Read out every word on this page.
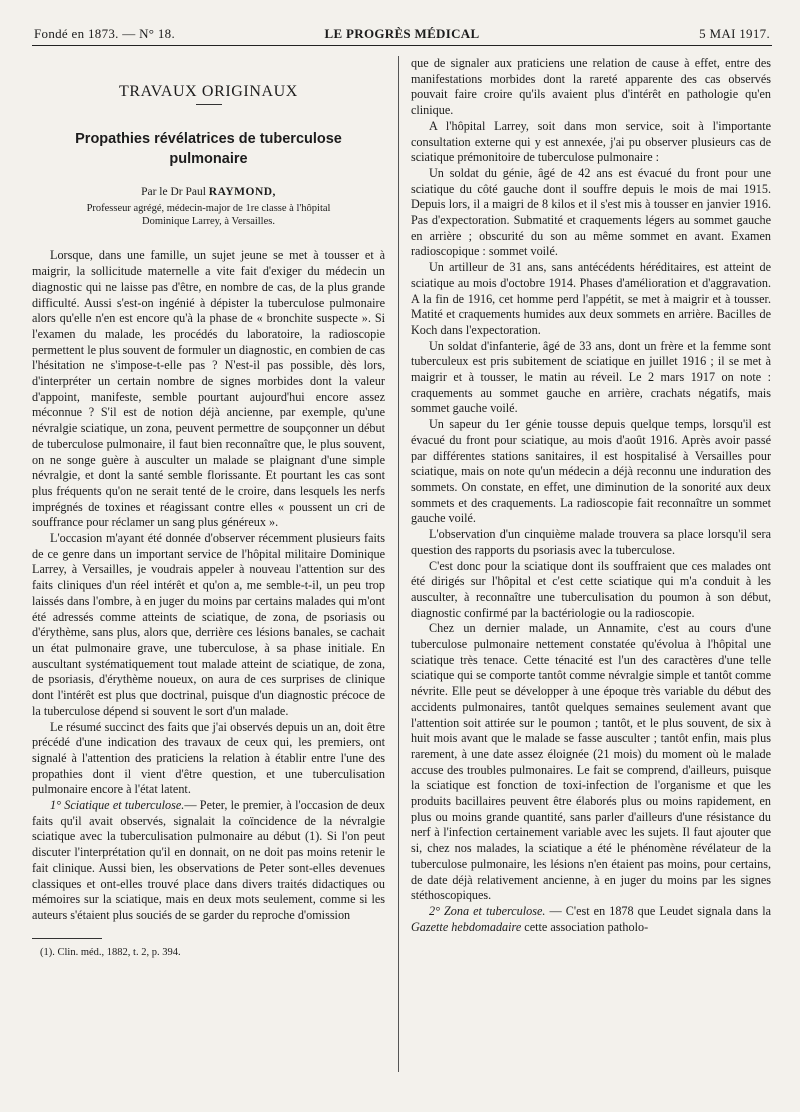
Fondé en 1873. — N° 18.	LE PROGRÈS MÉDICAL	5 MAI 1917.
TRAVAUX ORIGINAUX
Propathies révélatrices de tuberculose pulmonaire
Par le Dr Paul RAYMOND,
Professeur agrégé, médecin-major de 1re classe à l'hôpital Dominique Larrey, à Versailles.

Lorsque, dans une famille, un sujet jeune se met à tousser et à maigrir, la sollicitude maternelle a vite fait d'exiger du médecin un diagnostic qui ne laisse pas d'être, en nombre de cas, de la plus grande difficulté. Aussi s'est-on ingénié à dépister la tuberculose pulmonaire alors qu'elle n'en est encore qu'à la phase de « bronchite suspecte ». Si l'examen du malade, les procédés du laboratoire, la radioscopie permettent le plus souvent de formuler un diagnostic, en combien de cas l'hésitation ne s'impose-t-elle pas ? N'est-il pas possible, dès lors, d'interpréter un certain nombre de signes morbides dont la valeur d'appoint, manifeste, semble pourtant aujourd'hui encore assez méconnue ? S'il est de notion déjà ancienne, par exemple, qu'une névralgie sciatique, un zona, peuvent permettre de soupçonner un début de tuberculose pulmonaire, il faut bien reconnaître que, le plus souvent, on ne songe guère à ausculter un malade se plaignant d'une simple névralgie, et dont la santé semble florissante. Et pourtant les cas sont plus fréquents qu'on ne serait tenté de le croire, dans lesquels les nerfs imprégnés de toxines et réagissant contre elles « poussent un cri de souffrance pour réclamer un sang plus généreux ».

L'occasion m'ayant été donnée d'observer récemment plusieurs faits de ce genre dans un important service de l'hôpital militaire Dominique Larrey, à Versailles, je voudrais appeler à nouveau l'attention sur des faits cliniques d'un réel intérêt et qu'on a, me semble-t-il, un peu trop laissés dans l'ombre, à en juger du moins par certains malades qui m'ont été adressés comme atteints de sciatique, de zona, de psoriasis ou d'érythème, sans plus, alors que, derrière ces lésions banales, se cachait un état pulmonaire grave, une tuberculose, à sa phase initiale. En auscultant systématiquement tout malade atteint de sciatique, de zona, de psoriasis, d'érythème noueux, on aura de ces surprises de clinique dont l'intérêt est plus que doctrinal, puisque d'un diagnostic précoce de la tuberculose dépend si souvent le sort d'un malade.

Le résumé succinct des faits que j'ai observés depuis un an, doit être précédé d'une indication des travaux de ceux qui, les premiers, ont signalé à l'attention des praticiens la relation à établir entre l'une des propathies dont il vient d'être question, et une tuberculisation pulmonaire encore à l'état latent.

1° Sciatique et tuberculose.— Peter, le premier, à l'occasion de deux faits qu'il avait observés, signalait la coïncidence de la névralgie sciatique avec la tuberculisation pulmonaire au début (1). Si l'on peut discuter l'interprétation qu'il en donnait, on ne doit pas moins retenir le fait clinique. Aussi bien, les observations de Peter sont-elles devenues classiques et ont-elles trouvé place dans divers traités didactiques ou mémoires sur la sciatique, mais en deux mots seulement, comme si les auteurs s'étaient plus souciés de se garder du reproche d'omission

(1). Clin. méd., 1882, t. 2, p. 394.

que de signaler aux praticiens une relation de cause à effet, entre des manifestations morbides dont la rareté apparente des cas observés pouvait faire croire qu'ils avaient plus d'intérêt en pathologie qu'en clinique.

A l'hôpital Larrey, soit dans mon service, soit à l'importante consultation externe qui y est annexée, j'ai pu observer plusieurs cas de sciatique prémonitoire de tuberculose pulmonaire :

Un soldat du génie, âgé de 42 ans est évacué du front pour une sciatique du côté gauche dont il souffre depuis le mois de mai 1915. Depuis lors, il a maigri de 8 kilos et il s'est mis à tousser en janvier 1916. Pas d'expectoration. Submatité et craquements légers au sommet gauche en arrière ; obscurité du son au même sommet en avant. Examen radioscopique : sommet voilé.

Un artilleur de 31 ans, sans antécédents héréditaires, est atteint de sciatique au mois d'octobre 1914. Phases d'amélioration et d'aggravation. A la fin de 1916, cet homme perd l'appétit, se met à maigrir et à tousser. Matité et craquements humides aux deux sommets en arrière. Bacilles de Koch dans l'expectoration.

Un soldat d'infanterie, âgé de 33 ans, dont un frère et la femme sont tuberculeux est pris subitement de sciatique en juillet 1916 ; il se met à maigrir et à tousser, le matin au réveil. Le 2 mars 1917 on note : craquements au sommet gauche en arrière, crachats négatifs, mais sommet gauche voilé.

Un sapeur du 1er génie tousse depuis quelque temps, lorsqu'il est évacué du front pour sciatique, au mois d'août 1916. Après avoir passé par différentes stations sanitaires, il est hospitalisé à Versailles pour sciatique, mais on note qu'un médecin a déjà reconnu une induration des sommets. On constate, en effet, une diminution de la sonorité aux deux sommets et des craquements. La radioscopie fait reconnaître un sommet gauche voilé.

L'observation d'un cinquième malade trouvera sa place lorsqu'il sera question des rapports du psoriasis avec la tuberculose.

C'est donc pour la sciatique dont ils souffraient que ces malades ont été dirigés sur l'hôpital et c'est cette sciatique qui m'a conduit à les ausculter, à reconnaître une tuberculisation du poumon à son début, diagnostic confirmé par la bactériologie ou la radioscopie.

Chez un dernier malade, un Annamite, c'est au cours d'une tuberculose pulmonaire nettement constatée qu'évolua à l'hôpital une sciatique très tenace. Cette ténacité est l'un des caractères d'une telle sciatique qui se comporte tantôt comme névralgie simple et tantôt comme névrite. Elle peut se développer à une époque très variable du début des accidents pulmonaires, tantôt quelques semaines seulement avant que l'attention soit attirée sur le poumon ; tantôt, et le plus souvent, de six à huit mois avant que le malade se fasse ausculter ; tantôt enfin, mais plus rarement, à une date assez éloignée (21 mois) du moment où le malade accuse des troubles pulmonaires. Le fait se comprend, d'ailleurs, puisque la sciatique est fonction de toxi-infection de l'organisme et que les produits bacillaires peuvent être élaborés plus ou moins rapidement, en plus ou moins grande quantité, sans parler d'ailleurs d'une résistance du nerf à l'infection certainement variable avec les sujets. Il faut ajouter que si, chez nos malades, la sciatique a été le phénomène révélateur de la tuberculose pulmonaire, les lésions n'en étaient pas moins, pour certains, de date déjà relativement ancienne, à en juger du moins par les signes stéthoscopiques.

2° Zona et tuberculose. — C'est en 1878 que Leudet signala dans la Gazette hebdomadaire cette association patholo-
